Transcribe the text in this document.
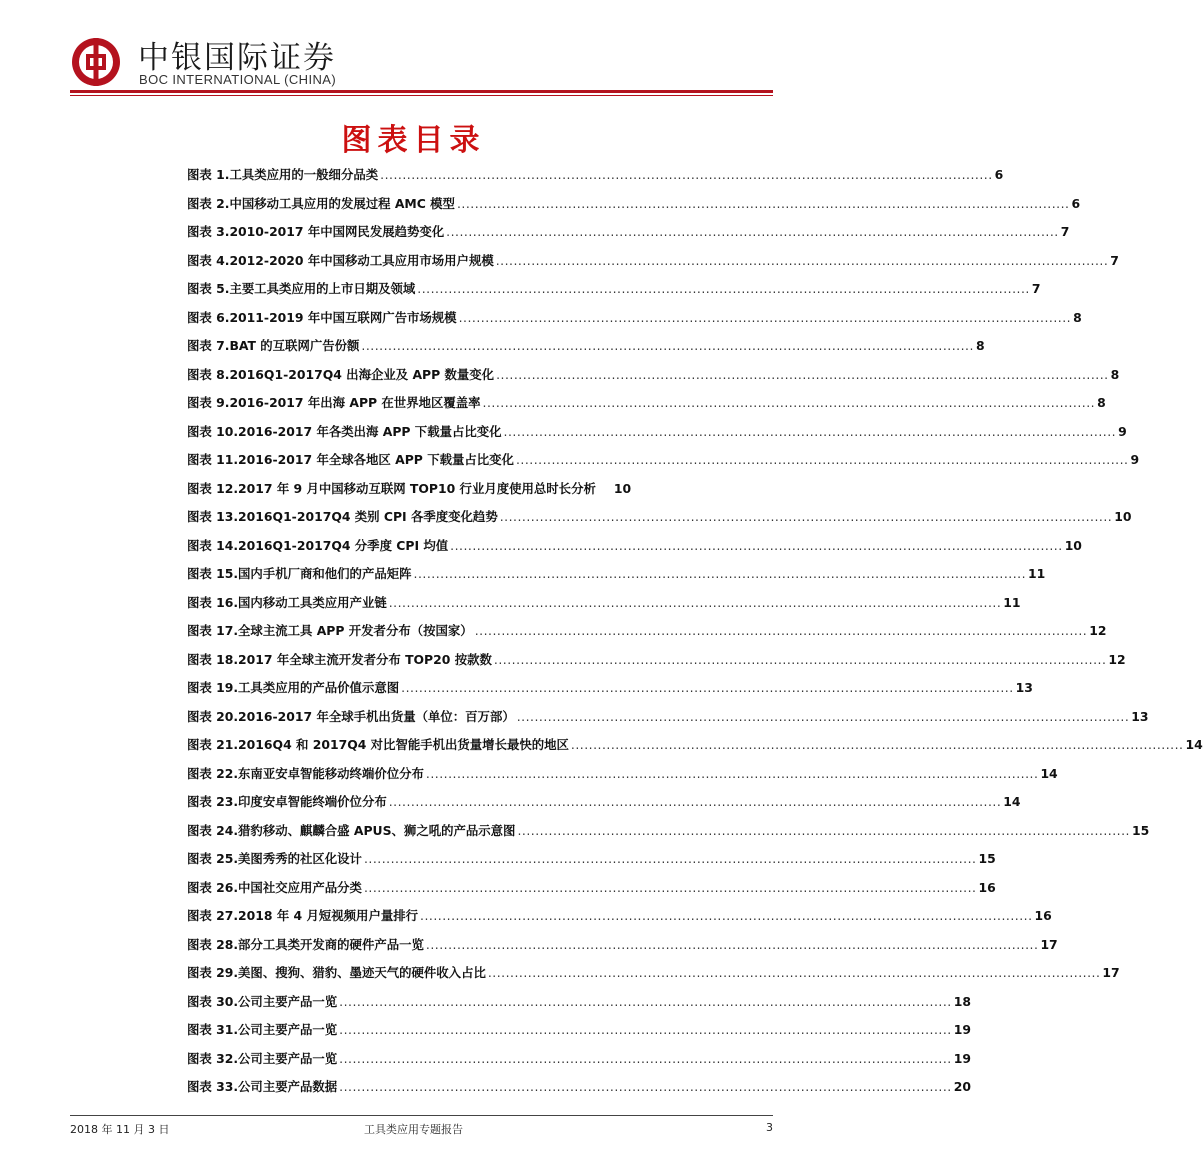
中银国际证券
BOC INTERNATIONAL (CHINA)
图表目录
图表 1. 工具类应用的一般细分品类 .......................................................................................................................................... 6
图表 2. 中国移动工具应用的发展过程 AMC 模型 .......................................................................................................................................... 6
图表 3. 2010-2017 年中国网民发展趋势变化 .......................................................................................................................................... 7
图表 4. 2012-2020 年中国移动工具应用市场用户规模 .......................................................................................................................................... 7
图表 5. 主要工具类应用的上市日期及领域 .......................................................................................................................................... 7
图表 6. 2011-2019 年中国互联网广告市场规模 .......................................................................................................................................... 8
图表 7. BAT 的互联网广告份额 .......................................................................................................................................... 8
图表 8. 2016Q1-2017Q4 出海企业及 APP 数量变化 .......................................................................................................................................... 8
图表 9. 2016-2017 年出海 APP 在世界地区覆盖率 .......................................................................................................................................... 8
图表 10. 2016-2017 年各类出海 APP 下载量占比变化 .......................................................................................................................................... 9
图表 11. 2016-2017 年全球各地区 APP 下载量占比变化 .......................................................................................................................................... 9
图表 12. 2017 年 9 月中国移动互联网 TOP10 行业月度使用总时长分析 10
图表 13. 2016Q1-2017Q4 类别 CPI 各季度变化趋势 .......................................................................................................................................... 10
图表 14. 2016Q1-2017Q4 分季度 CPI 均值 .......................................................................................................................................... 10
图表 15. 国内手机厂商和他们的产品矩阵 .......................................................................................................................................... 11
图表 16. 国内移动工具类应用产业链 .......................................................................................................................................... 11
图表 17. 全球主流工具 APP 开发者分布（按国家） .......................................................................................................................................... 12
图表 18. 2017 年全球主流开发者分布 TOP20 按款数 .......................................................................................................................................... 12
图表 19. 工具类应用的产品价值示意图 .......................................................................................................................................... 13
图表 20. 2016-2017 年全球手机出货量（单位：百万部） .......................................................................................................................................... 13
图表 21. 2016Q4 和 2017Q4 对比智能手机出货量增长最快的地区 .......................................................................................................................................... 14
图表 22. 东南亚安卓智能移动终端价位分布 .......................................................................................................................................... 14
图表 23. 印度安卓智能终端价位分布 .......................................................................................................................................... 14
图表 24. 猎豹移动、麒麟合盛 APUS、狮之吼的产品示意图 .......................................................................................................................................... 15
图表 25. 美图秀秀的社区化设计 .......................................................................................................................................... 15
图表 26. 中国社交应用产品分类 .......................................................................................................................................... 16
图表 27. 2018 年 4 月短视频用户量排行 .......................................................................................................................................... 16
图表 28. 部分工具类开发商的硬件产品一览 .......................................................................................................................................... 17
图表 29. 美图、搜狗、猎豹、墨迹天气的硬件收入占比 .......................................................................................................................................... 17
图表 30. 公司主要产品一览 .......................................................................................................................................... 18
图表 31. 公司主要产品一览 .......................................................................................................................................... 19
图表 32. 公司主要产品一览 .......................................................................................................................................... 19
图表 33. 公司主要产品数据 .......................................................................................................................................... 20
2018 年 11 月 3 日	工具类应用专题报告	3
